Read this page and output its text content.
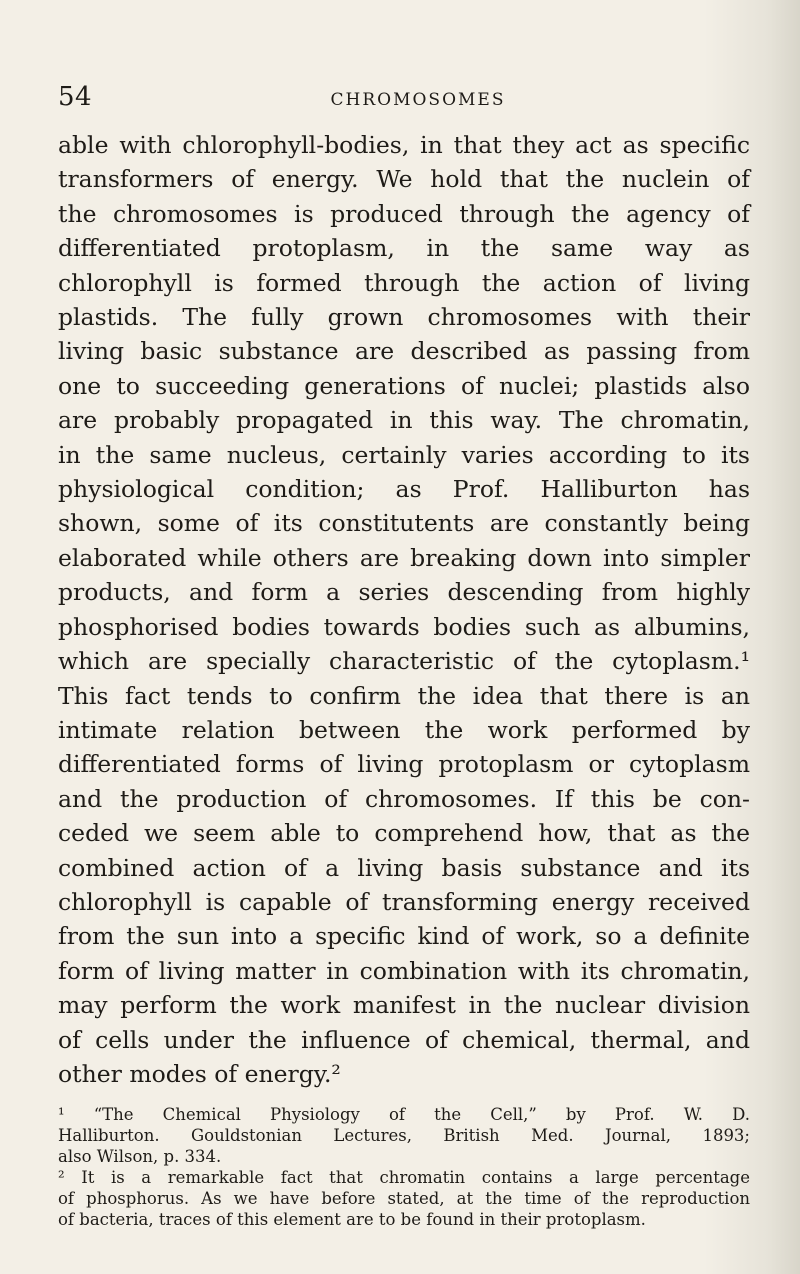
54	CHROMOSOMES
able with chlorophyll-bodies, in that they act as specific
transformers of energy. We hold that the nuclein of
the chromosomes is produced through the agency of
differentiated protoplasm, in the same way as
chlorophyll is formed through the action of living
plastids. The fully grown chromosomes with their
living basic substance are described as passing from
one to succeeding generations of nuclei; plastids also
are probably propagated in this way. The chromatin,
in the same nucleus, certainly varies according to its
physiological condition; as Prof. Halliburton has
shown, some of its constitutents are constantly being
elaborated while others are breaking down into simpler
products, and form a series descending from highly
phosphorised bodies towards bodies such as albumins,
which are specially characteristic of the cytoplasm.¹
This fact tends to confirm the idea that there is an
intimate relation between the work performed by
differentiated forms of living protoplasm or cytoplasm
and the production of chromosomes. If this be con-
ceded we seem able to comprehend how, that as the
combined action of a living basis substance and its
chlorophyll is capable of transforming energy received
from the sun into a specific kind of work, so a definite
form of living matter in combination with its chromatin,
may perform the work manifest in the nuclear division
of cells under the influence of chemical, thermal, and
other modes of energy.²
¹ “The Chemical Physiology of the Cell,” by Prof. W. D.
Halliburton. Gouldstonian Lectures, British Med. Journal, 1893;
also Wilson, p. 334.
² It is a remarkable fact that chromatin contains a large percentage
of phosphorus. As we have before stated, at the time of the reproduction
of bacteria, traces of this element are to be found in their protoplasm.
